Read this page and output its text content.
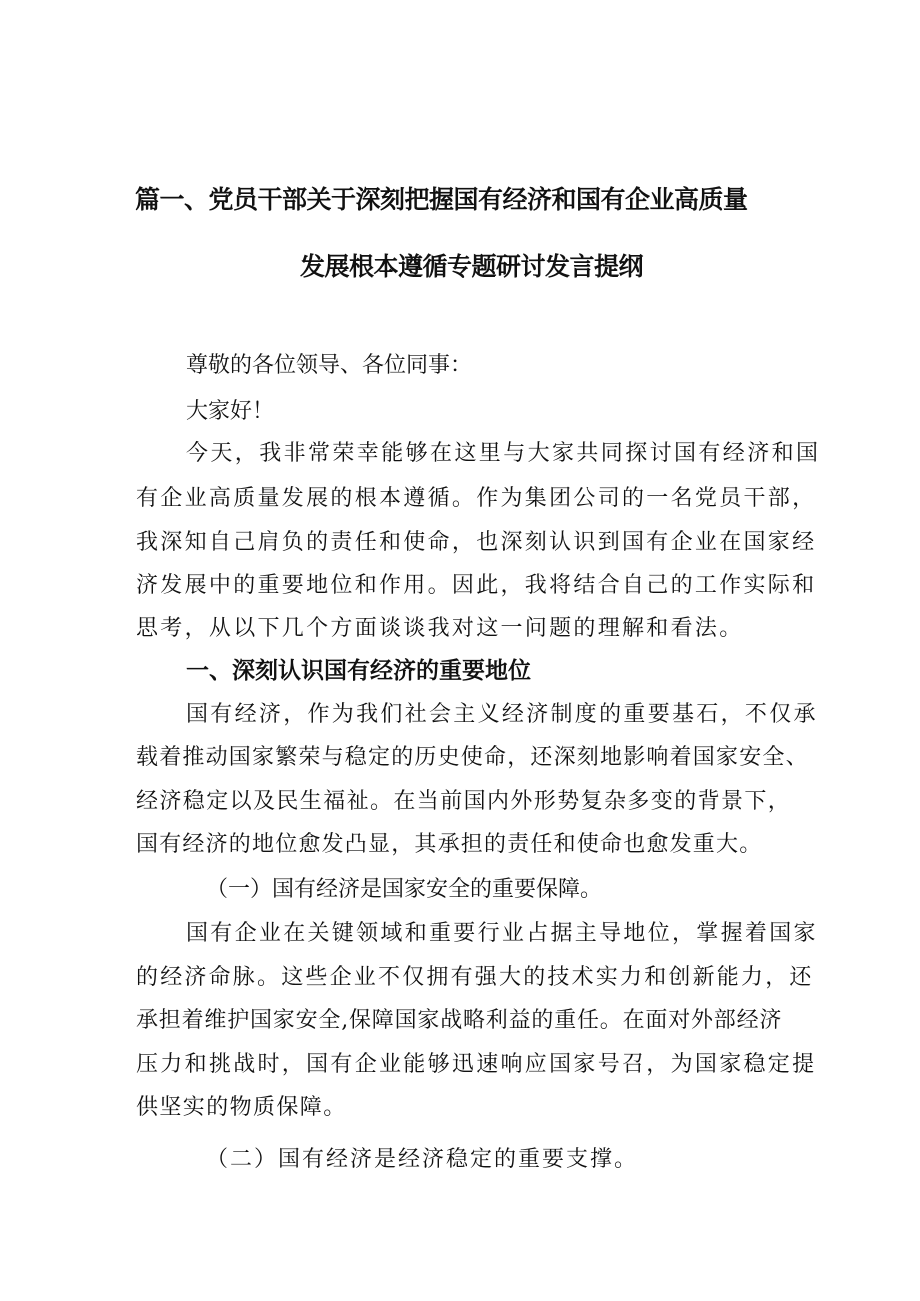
篇一、党员干部关于深刻把握国有经济和国有企业高质量
发展根本遵循专题研讨发言提纲
尊敬的各位领导、各位同事：
大家好！
今天，我非常荣幸能够在这里与大家共同探讨国有经济和国
有企业高质量发展的根本遵循。作为集团公司的一名党员干部，
我深知自己肩负的责任和使命，也深刻认识到国有企业在国家经
济发展中的重要地位和作用。因此，我将结合自己的工作实际和
思考，从以下几个方面谈谈我对这一问题的理解和看法。
一、深刻认识国有经济的重要地位
国有经济，作为我们社会主义经济制度的重要基石，不仅承
载着推动国家繁荣与稳定的历史使命，还深刻地影响着国家安全、
经济稳定以及民生福祉。在当前国内外形势复杂多变的背景下，
国有经济的地位愈发凸显，其承担的责任和使命也愈发重大。
（一）国有经济是国家安全的重要保障。
国有企业在关键领域和重要行业占据主导地位，掌握着国家
的经济命脉。这些企业不仅拥有强大的技术实力和创新能力，还
承担着维护国家安全,保障国家战略利益的重任。在面对外部经济
压力和挑战时，国有企业能够迅速响应国家号召，为国家稳定提
供坚实的物质保障。
（二）国有经济是经济稳定的重要支撑。
